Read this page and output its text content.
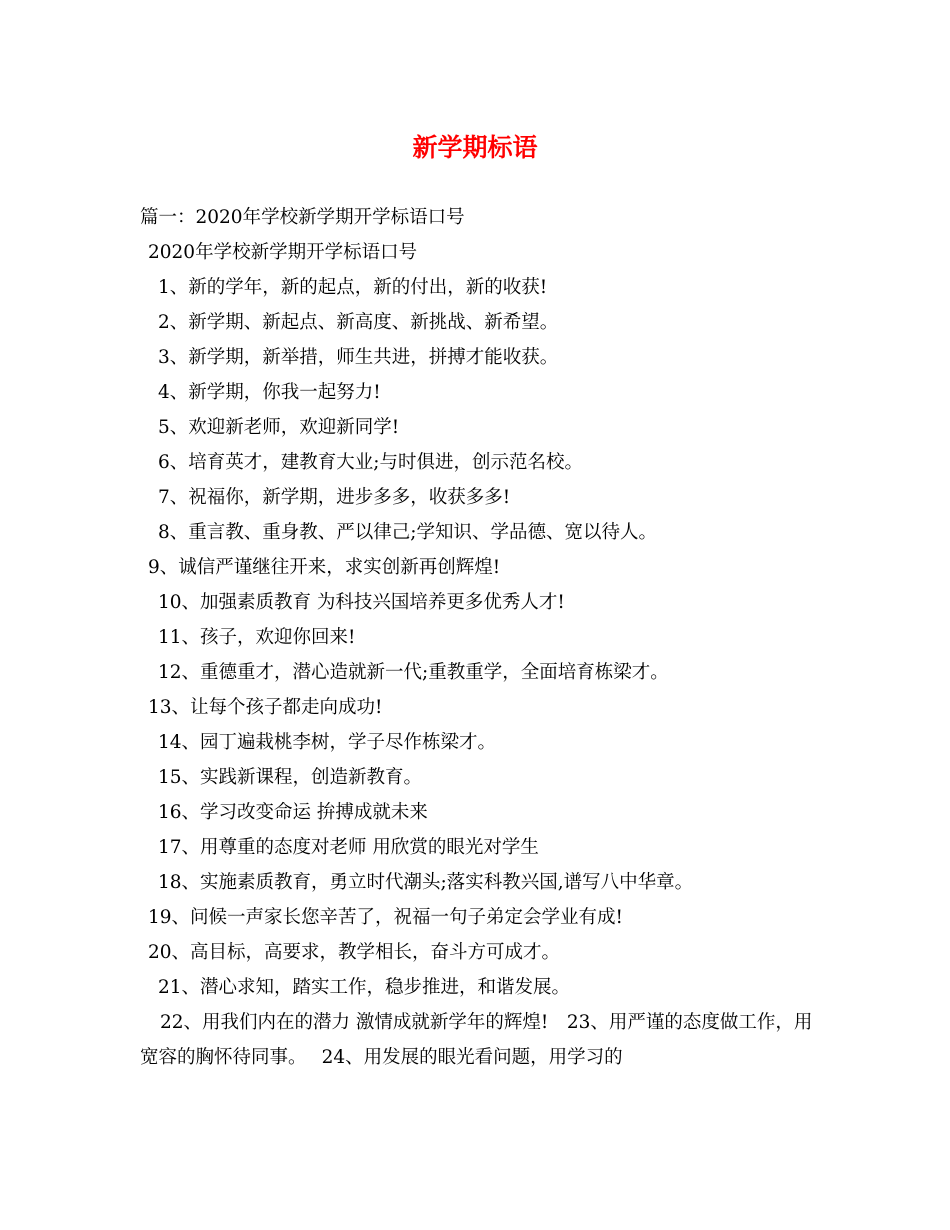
新学期标语

篇一：2020年学校新学期开学标语口号

2020年学校新学期开学标语口号

1、新的学年，新的起点，新的付出，新的收获!

2、新学期、新起点、新高度、新挑战、新希望。

3、新学期，新举措，师生共进，拼搏才能收获。

4、新学期，你我一起努力!

5、欢迎新老师，欢迎新同学!

6、培育英才，建教育大业;与时俱进，创示范名校。

7、祝福你，新学期，进步多多，收获多多!

8、重言教、重身教、严以律己;学知识、学品德、宽以待人。

9、诚信严谨继往开来，求实创新再创辉煌!

10、加强素质教育 为科技兴国培养更多优秀人才!

11、孩子，欢迎你回来!

12、重德重才，潜心造就新一代;重教重学，全面培育栋梁才。

13、让每个孩子都走向成功!

14、园丁遍栽桃李树，学子尽作栋梁才。

15、实践新课程，创造新教育。

16、学习改变命运 拚搏成就未来

17、用尊重的态度对老师 用欣赏的眼光对学生

18、实施素质教育，勇立时代潮头;落实科教兴国,谱写八中华章。

19、问候一声家长您辛苦了，祝福一句子弟定会学业有成!

20、高目标，高要求，教学相长，奋斗方可成才。

21、潜心求知，踏实工作，稳步推进，和谐发展。

22、用我们内在的潜力 激情成就新学年的辉煌!　23、用严谨的态度做工作，用宽容的胸怀待同事。　 24、用发展的眼光看问题，用学习的
